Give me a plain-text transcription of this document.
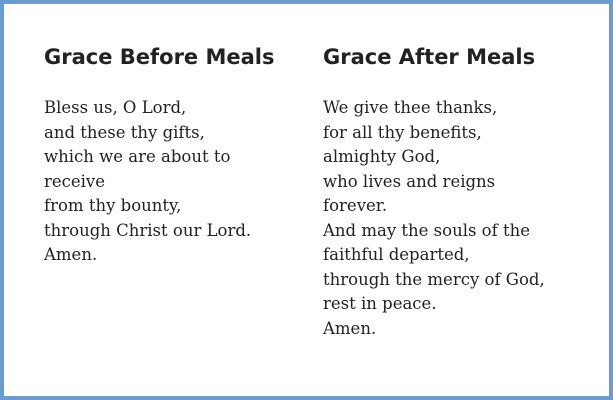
Grace Before Meals
Bless us, O Lord,
and these thy gifts,
which we are about to
receive
from thy bounty,
through Christ our Lord.
Amen.
Grace After Meals
We give thee thanks,
for all thy benefits,
almighty God,
who lives and reigns
forever.
And may the souls of the
faithful departed,
through the mercy of God,
rest in peace.
Amen.
